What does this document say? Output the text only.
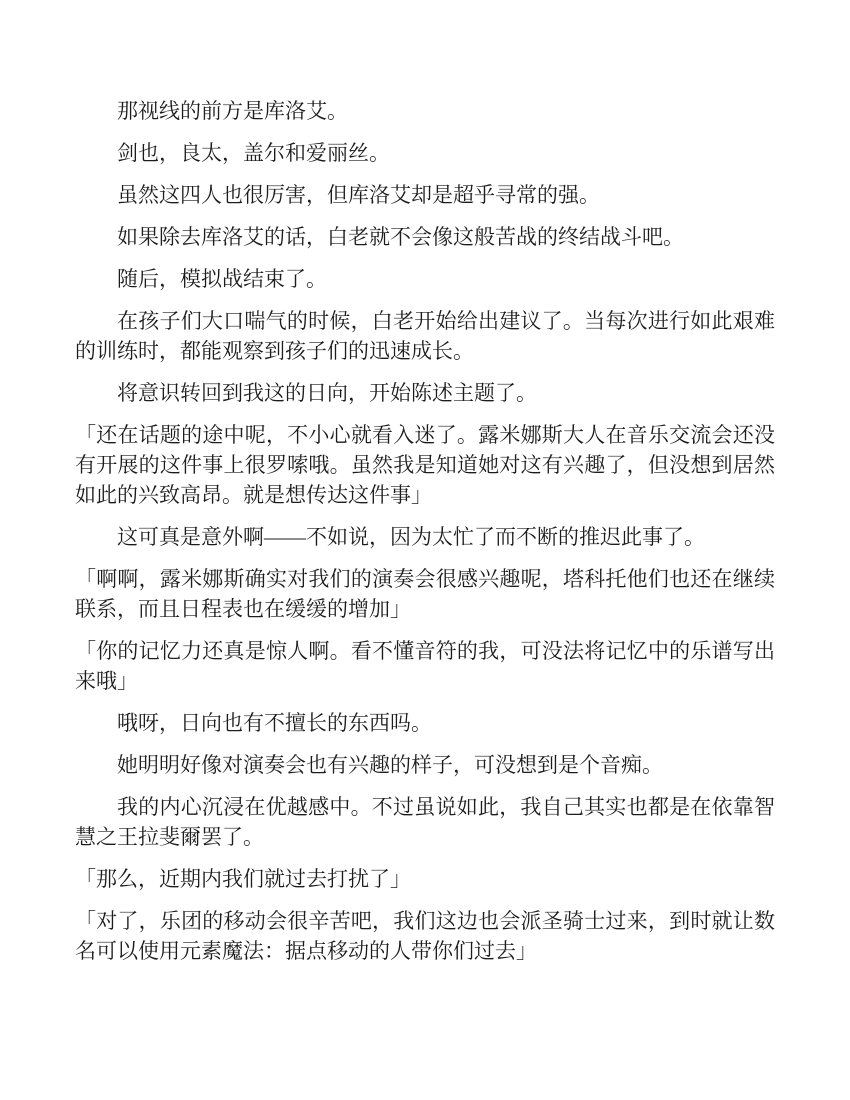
那视线的前方是库洛艾。

剑也，良太，盖尔和爱丽丝。

虽然这四人也很厉害，但库洛艾却是超乎寻常的强。

如果除去库洛艾的话，白老就不会像这般苦战的终结战斗吧。

随后，模拟战结束了。

在孩子们大口喘气的时候，白老开始给出建议了。当每次进行如此艰难的训练时，都能观察到孩子们的迅速成长。

将意识转回到我这的日向，开始陈述主题了。

「还在话题的途中呢，不小心就看入迷了。露米娜斯大人在音乐交流会还没有开展的这件事上很罗嗦哦。虽然我是知道她对这有兴趣了，但没想到居然如此的兴致高昂。就是想传达这件事」

这可真是意外啊——不如说，因为太忙了而不断的推迟此事了。

「啊啊，露米娜斯确实对我们的演奏会很感兴趣呢，塔科托他们也还在继续联系，而且日程表也在缓缓的增加」

「你的记忆力还真是惊人啊。看不懂音符的我，可没法将记忆中的乐谱写出来哦」

哦呀，日向也有不擅长的东西吗。

她明明好像对演奏会也有兴趣的样子，可没想到是个音痴。

我的内心沉浸在优越感中。不过虽说如此，我自己其实也都是在依靠智慧之王拉斐爾罢了。

「那么，近期内我们就过去打扰了」

「对了，乐团的移动会很辛苦吧，我们这边也会派圣骑士过来，到时就让数名可以使用元素魔法：据点移动的人带你们过去」
